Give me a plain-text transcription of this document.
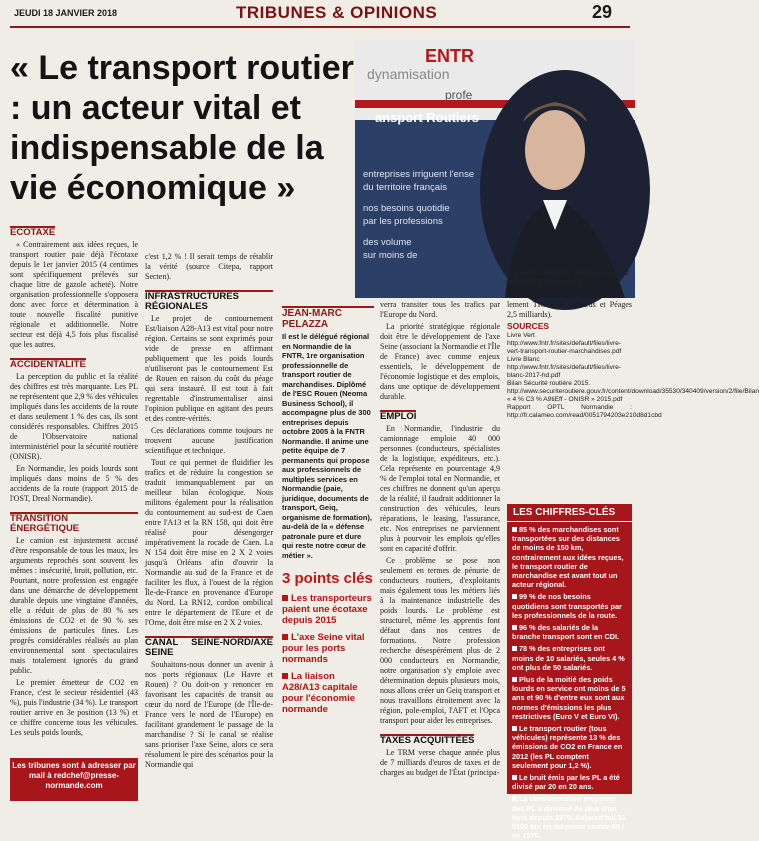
JEUDI 18 JANVIER 2018	TRIBUNES & OPINIONS	29
« Le transport routier : un acteur vital et indispensable de la vie économique »
ENTR
dynamisation
profe
ansport Routiers
entreprises irriguent l'ense
du territoire français
nos besoins quotidie
par les professions
des volume
sur moins de
Jean-Marc Pelazza, délégué régional de la FNTR Normandie
ÉCOTAXE

« Contrairement aux idées reçues, le transport routier paie déjà l'écotaxe depuis le 1er janvier 2015 (4 centimes sont spécifiquement prélevés sur chaque litre de gazole acheté). Notre organisation professionnelle s'opposera donc avec force et détermination à toute nouvelle fiscalité punitive régionale et additionnelle. Notre secteur est déjà 4,5 fois plus fiscalisé que les autres.

ACCIDENTALITÉ

La perception du public et la réalité des chiffres est très marquante. Les PL ne représentent que 2,9 % des véhicules impliqués dans les accidents de la route et dans seulement 1 % des cas, ils sont considérés responsables. Chiffres 2015 de l'Observatoire national interministériel pour la sécurité routière (ONISR).

En Normandie, les poids lourds sont impliqués dans moins de 5 % des accidents de la route (rapport 2015 de l'OST, Dreal Normandie).

TRANSITION ÉNERGÉTIQUE

Le camion est injustement accusé d'être responsable de tous les maux, les arguments reprochés sont souvent les mêmes : insécurité, bruit, pollution, etc. Pourtant, notre profession est engagée dans une démarche de développement durable depuis une vingtaine d'années, elle a réduit de plus de 80 % ses émissions de CO2 et de 90 % ses émissions de particules fines. Les progrès considérables réalisés au plan environnemental sont spectaculaires mais totalement ignorés du grand public.

Le premier émetteur de CO2 en France, c'est le secteur résidentiel (43 %), puis l'industrie (34 %). Le transport routier arrive en 3e position (13 %) et ce chiffre concerne tous les véhicules. Les seuls poids lourds,

Les tribunes sont à adresser par mail à redchef@presse-normande.com

c'est 1,2 % ! Il serait temps de rétablir la vérité (source Citepa, rapport Secten).

INFRASTRUCTURES RÉGIONALES

Le projet de contournement Est/liaison A28-A13 est vital pour notre région. Certains se sont exprimés pour vide de presse en affirmant publiquement que les poids lourds n'utiliseront pas le contournement Est de Rouen en raison du coût du péage qui sera instauré. Il est tout à fait regrettable d'instrumentaliser ainsi l'opinion publique en agitant des peurs et des contre-vérités.

Ces déclarations comme toujours ne trouvent aucune justification scientifique et technique.

Tout ce qui permet de fluidifier les trafics et de réduire la congestion se traduit immanquablement par un meilleur bilan écologique. Nous militons également pour la réalisation du contournement au sud-est de Caen entre l'A13 et la RN 158, qui doit être réalisé pour désengorger impérativement la rocade de Caen. La N 154 doit être mise en 2 X 2 voies jusqu'à Orléans afin d'ouvrir la Normandie au sud de la France et de faciliter les flux, à l'ouest de la région Île-de-France en provenance d'Europe du Nord. La RN12, cordon ombilical entre le département de l'Eure et de l'Orne, doit être mise en 2 X 2 voies.

CANAL SEINE-NORD/AXE SEINE

Souhaitons-nous donner un avenir à nos ports régionaux (Le Havre et Rouen) ? Ou doit-on y renoncer en favorisant les capacités de transit au cœur du nord de l'Europe (de l'Île-de-France vers le nord de l'Europe) en facilitant grandement le passage de la marchandise ? Si le canal se réalise sans prioriser l'axe Seine, alors ce sera résolument le pire des scénarios pour la Normandie qui

JEAN-MARC PELAZZA
Il est le délégué régional en Normandie de la FNTR, 1re organisation professionnelle de transport routier de marchandises. Diplômé de l'ESC Rouen (Neoma Business School), il accompagne plus de 300 entreprises depuis octobre 2005 à la FNTR Normandie. Il anime une petite équipe de 7 permanents qui propose aux professionnels de multiples services en Normandie (paie, juridique, documents de transport, Geiq, organisme de formation), au-delà de la « défense patronale pure et dure qui reste notre cœur de métier ».
3 points clés
Les transporteurs paient une écotaxe depuis 2015
L'axe Seine vital pour les ports normands
La liaison A28/A13 capitale pour l'économie normande

verra transiter tous les trafics par l'Europe du Nord.

La priorité stratégique régionale doit être le développement de l'axe Seine (associant la Normandie et l'Île de France) avec comme enjeux essentiels, le développement de l'économie logistique et des emplois, dans une optique de développement durable.

EMPLOI

En Normandie, l'industrie du camionnage emploie 40 000 personnes (conducteurs, spécialistes de la logistique, expéditeurs, etc.). Cela représente en pourcentage 4,9 % de l'emploi total en Normandie, et ces chiffres ne donnent qu'un aperçu de la réalité, il faudrait additionner la construction des véhicules, leurs réparations, le leasing, l'assurance, etc. Nos entreprises ne parviennent plus à pourvoir les emplois qu'elles sont en capacité d'offrir.

Ce problème se pose non seulement en termes de pénurie de conducteurs routiers, d'exploitants mais également tous les métiers liés à la maintenance industrielle des poids lourds. Le problème est structurel, même les apprentis font défaut dans nos centres de formations. Notre profession recherche désespérément plus de 2 000 conducteurs en Normandie, notre organisation s'y emploie avec détermination depuis plusieurs mois, nous allons créer un Geiq transport et nous travaillons étroitement avec la région, pole-emploi, l'AFT et l'Opca transport pour aider les entreprises.

TAXES ACQUITTÉES

Le TRM verse chaque année plus de 7 milliards d'euros de taxes et de charges au budget de l'État (principa-

lement TICPE 4 milliards et Péages 2,5 milliards).

SOURCES
Livre Vert
http://www.fntr.fr/sites/default/files/livre-vert-transport-routier-marchandises.pdf
Livre Blanc
http://www.fntr.fr/sites/default/files/livre-blanc-2017-hd.pdf
Bilan Sécurité routière 2015.
http://www.securiteroutiere.gouv.fr/content/download/35530/340409/version/2/file/Bilan « 4 % C3 % A9tiEff - ONISR » 2015.pdf
Rapport OPTL Normandie : http://fr.calameo.com/read/0051794203e210d8d1cbd
LES CHIFFRES-CLÉS
85 % des marchandises sont transportées sur des distances de moins de 150 km, contrairement aux idées reçues, le transport routier de marchandise est avant tout un acteur régional.
99 % de nos besoins quotidiens sont transportés par les professionnels de la route.
96 % des salariés de la branche transport sont en CDI.
78 % des entreprises ont moins de 10 salariés, seules 4 % ont plus de 50 salariés.
Plus de la moitié des poids lourds en service ont moins de 5 ans et 90 % d'entre eux sont aux normes d'émissions les plus restrictives (Euro V et Euro VI).
Le transport routier (tous véhicules) représente 13 % des émissions de CO2 en France en 2012 (les PL comptent seulement pour 1,2 %).
Le bruit émis par les PL a été divisé par 20 en 20 ans.
La consommation moyenne des PL a diminué de plus d'un tiers depuis 1970. Aujourd'hui 31 l/100 km en moyenne contre 50 l en 1970.
